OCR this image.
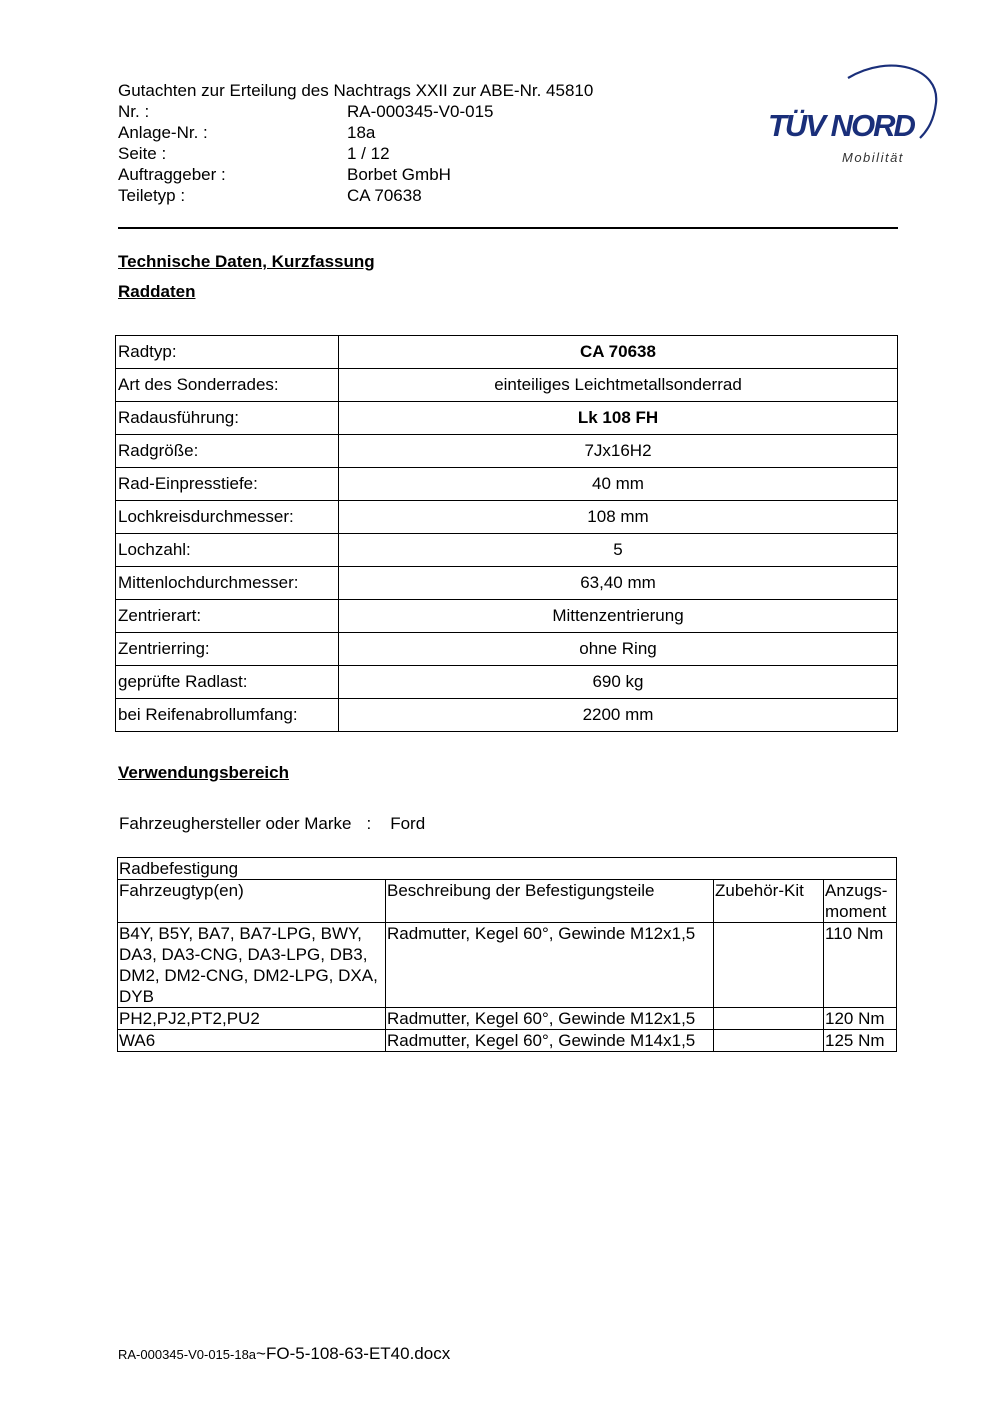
Gutachten zur Erteilung des Nachtrags XXII zur ABE-Nr. 45810
Nr. :	RA-000345-V0-015
Anlage-Nr. :	18a
Seite :	1 / 12
Auftraggeber :	Borbet GmbH
Teiletyp :	CA 70638
TÜV NORD
Mobilität
Technische Daten, Kurzfassung
Raddaten
Radtyp:	CA 70638
Art des Sonderrades:	einteiliges Leichtmetallsonderrad
Radausführung:	Lk 108 FH
Radgröße:	7Jx16H2
Rad-Einpresstiefe:	40 mm
Lochkreisdurchmesser:	108 mm
Lochzahl:	5
Mittenlochdurchmesser:	63,40 mm
Zentrierart:	Mittenzentrierung
Zentrierring:	ohne Ring
geprüfte Radlast:	690 kg
bei Reifenabrollumfang:	2200 mm
Verwendungsbereich
Fahrzeughersteller oder Marke : Ford
Radbefestigung			
Fahrzeugtyp(en)	Beschreibung der Befestigungsteile	Zubehör-Kit	Anzugs-moment
B4Y, B5Y, BA7, BA7-LPG, BWY, DA3, DA3-CNG, DA3-LPG, DB3, DM2, DM2-CNG, DM2-LPG, DXA, DYB	Radmutter, Kegel 60°, Gewinde M12x1,5		110 Nm
PH2,PJ2,PT2,PU2	Radmutter, Kegel 60°, Gewinde M12x1,5		120 Nm
WA6	Radmutter, Kegel 60°, Gewinde M14x1,5		125 Nm
RA-000345-V0-015-18a~FO-5-108-63-ET40.docx
